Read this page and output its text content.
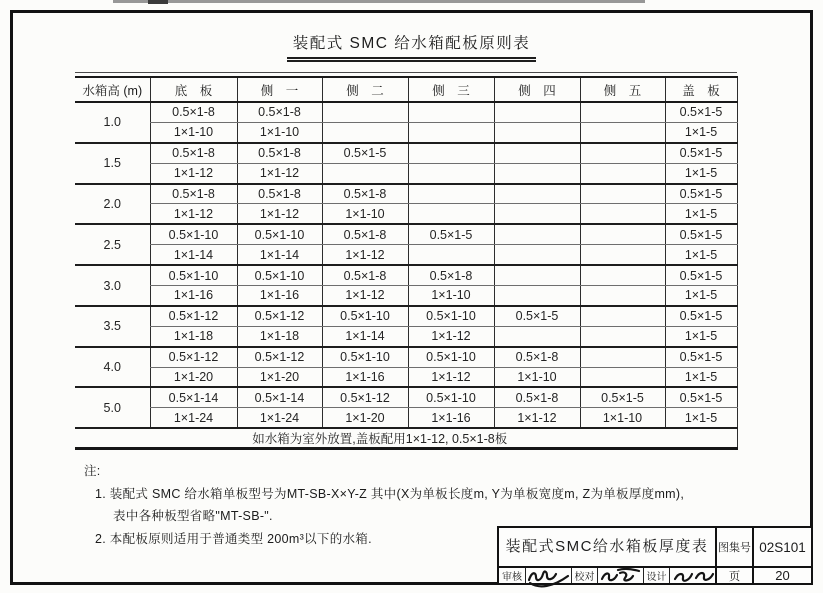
装配式 SMC 给水箱配板原则表
水箱高 (m)	底　板	侧　一	侧　二	侧　三	侧　四	侧　五	盖　板
1.0	0.5×1-8	0.5×1-8					0.5×1-5
	1×1-10	1×1-10					1×1-5
1.5	0.5×1-8	0.5×1-8	0.5×1-5				0.5×1-5
	1×1-12	1×1-12					1×1-5
2.0	0.5×1-8	0.5×1-8	0.5×1-8				0.5×1-5
	1×1-12	1×1-12	1×1-10				1×1-5
2.5	0.5×1-10	0.5×1-10	0.5×1-8	0.5×1-5			0.5×1-5
	1×1-14	1×1-14	1×1-12				1×1-5
3.0	0.5×1-10	0.5×1-10	0.5×1-8	0.5×1-8			0.5×1-5
	1×1-16	1×1-16	1×1-12	1×1-10			1×1-5
3.5	0.5×1-12	0.5×1-12	0.5×1-10	0.5×1-10	0.5×1-5		0.5×1-5
	1×1-18	1×1-18	1×1-14	1×1-12			1×1-5
4.0	0.5×1-12	0.5×1-12	0.5×1-10	0.5×1-10	0.5×1-8		0.5×1-5
	1×1-20	1×1-20	1×1-16	1×1-12	1×1-10		1×1-5
5.0	0.5×1-14	0.5×1-14	0.5×1-12	0.5×1-10	0.5×1-8	0.5×1-5	0.5×1-5
	1×1-24	1×1-24	1×1-20	1×1-16	1×1-12	1×1-10	1×1-5
如水箱为室外放置,盖板配用1×1-12, 0.5×1-8板							
注:
1. 装配式 SMC 给水箱单板型号为MT-SB-X×Y-Z 其中(X为单板长度m, Y为单板宽度m, Z为单板厚度mm),
表中各种板型省略"MT-SB-".
2. 本配板原则适用于普通类型 200m³以下的水箱.	装配式SMC给水箱板厚度表 图集号 02S101
审核	校对	设计	页	20
